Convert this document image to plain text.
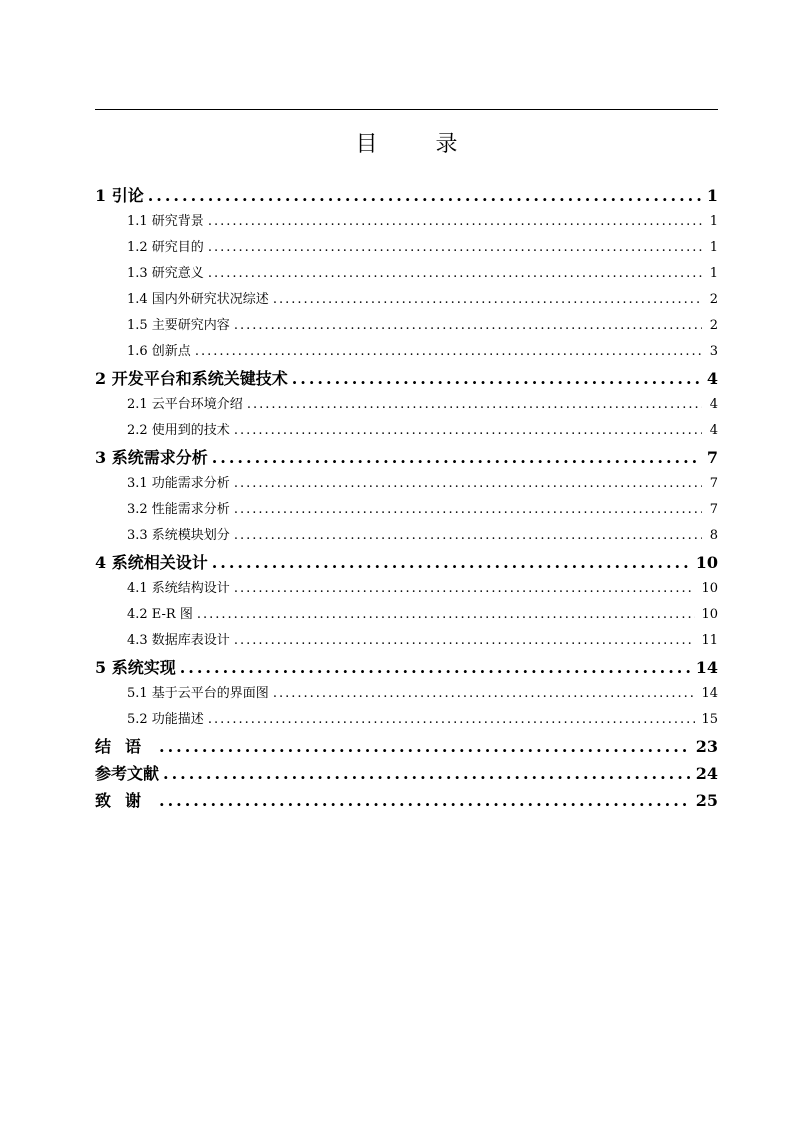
目　录
1 引论 .....	1
1.1 研究背景 .....	1
1.2 研究目的 .....	1
1.3 研究意义 .....	1
1.4 国内外研究状况综述 .....	2
1.5 主要研究内容 .....	2
1.6 创新点 .....	3
2 开发平台和系统关键技术 .....	4
2.1 云平台环境介绍 .....	4
2.2 使用到的技术 .....	4
3 系统需求分析 .....	7
3.1 功能需求分析 .....	7
3.2 性能需求分析 .....	7
3.3 系统模块划分 .....	8
4 系统相关设计 .....	10
4.1 系统结构设计 .....	10
4.2 E-R 图 .....	10
4.3 数据库表设计 .....	11
5 系统实现 .....	14
5.1 基于云平台的界面图 .....	14
5.2 功能描述 .....	15
结语 .....	23
参考文献 .....	24
致谢 .....	25
